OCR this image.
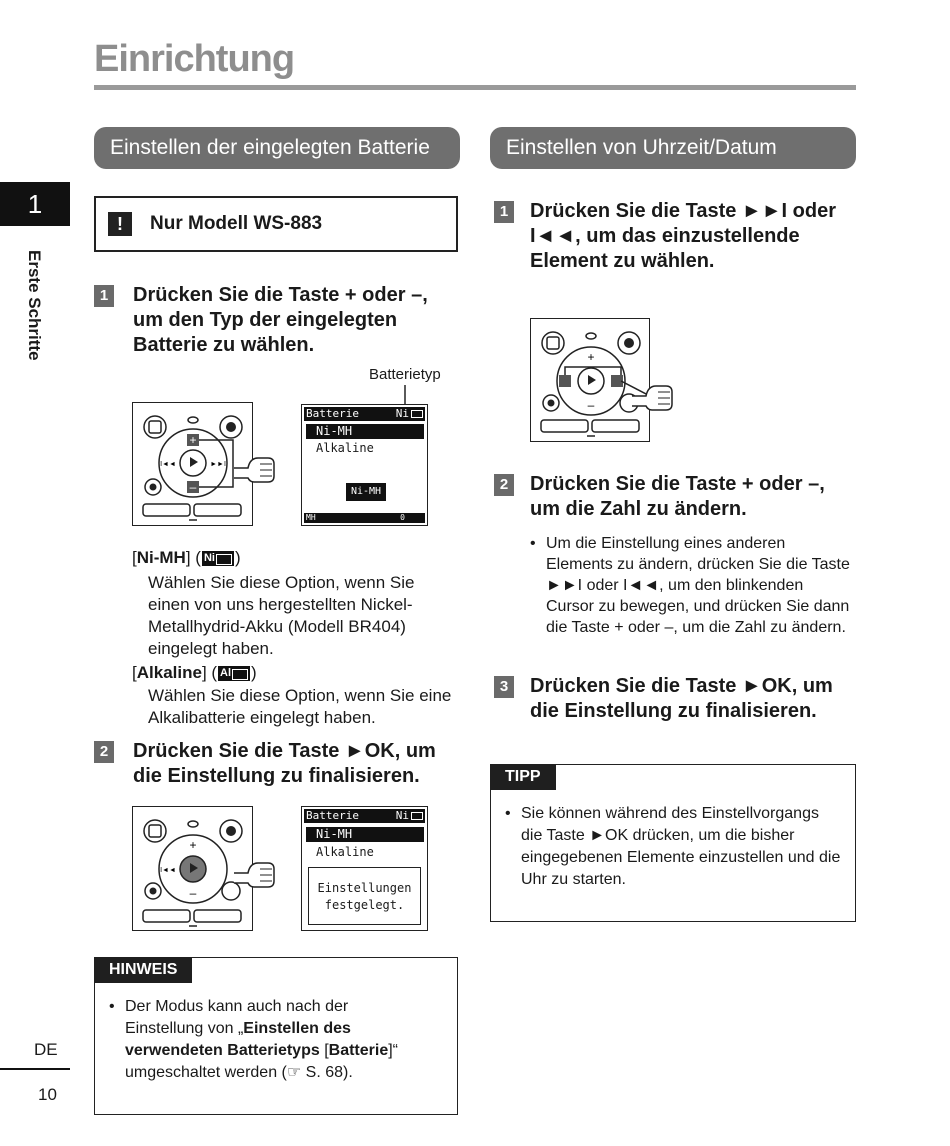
Einrichtung
1
Erste Schritte
DE
10
Einstellen der eingelegten Batterie
!	Nur Modell WS-883
1 Drücken Sie die Taste + oder –, um den Typ der eingelegten Batterie zu wählen.
Batterietyp
+
–
I◄◄	►►I
Batterie	Ni
Ni-MH
Alkaline
Ni-MH
MH	0
[Ni-MH] ( Ni )
Wählen Sie diese Option, wenn Sie einen von uns hergestellten Nickel-Metallhydrid-Akku (Modell BR404) eingelegt haben.
[Alkaline] ( Al )
Wählen Sie diese Option, wenn Sie eine Alkalibatterie eingelegt haben.
2 Drücken Sie die Taste ►OK, um
die Einstellung zu finalisieren.
+
–
I◄◄
Batterie	Ni
Ni-MH
Alkaline
Einstellungen
festgelegt.
HINWEIS
• Der Modus kann auch nach der Einstellung von „Einstellen des verwendeten Batterietyps [Batterie]“ umgeschaltet werden (☞ S. 68).
Einstellen von Uhrzeit/Datum
1 Drücken Sie die Taste ►►I oder I◄◄, um das einzustellende Element zu wählen.
+
–
2 Drücken Sie die Taste + oder –, um die Zahl zu ändern.
• Um die Einstellung eines anderen Elements zu ändern, drücken Sie die Taste ►►I oder I◄◄, um den blinkenden Cursor zu bewegen, und drücken Sie dann die Taste + oder –, um die Zahl zu ändern.
3 Drücken Sie die Taste ►OK, um
die Einstellung zu finalisieren.
TIPP
• Sie können während des Einstellvorgangs die Taste ►OK drücken, um die bisher eingegebenen Elemente einzustellen und die Uhr zu starten.
